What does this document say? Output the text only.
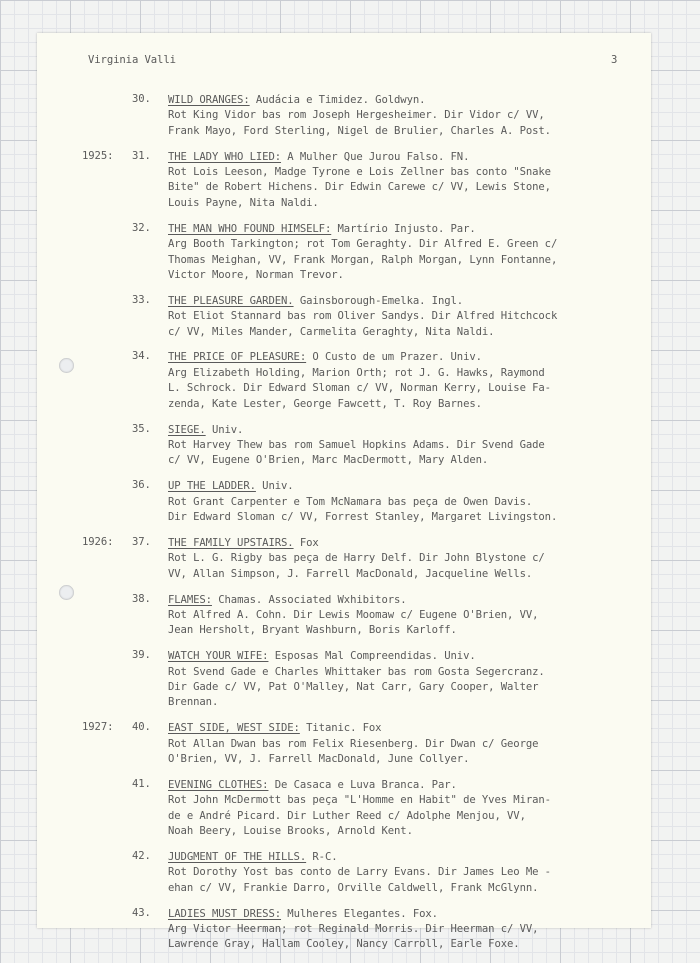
Virginia Valli	3
30. WILD ORANGES: Audácia e Timidez. Goldwyn.
Rot King Vidor bas rom Joseph Hergesheimer. Dir Vidor c/ VV,
Frank Mayo, Ford Sterling, Nigel de Brulier, Charles A. Post.
1925: 31. THE LADY WHO LIED: A Mulher Que Jurou Falso. FN.
Rot Lois Leeson, Madge Tyrone e Lois Zellner bas conto "Snake
Bite" de Robert Hichens. Dir Edwin Carewe c/ VV, Lewis Stone,
Louis Payne, Nita Naldi.
32. THE MAN WHO FOUND HIMSELF: Martírio Injusto. Par.
Arg Booth Tarkington; rot Tom Geraghty. Dir Alfred E. Green c/
Thomas Meighan, VV, Frank Morgan, Ralph Morgan, Lynn Fontanne,
Victor Moore, Norman Trevor.
33. THE PLEASURE GARDEN. Gainsborough-Emelka. Ingl.
Rot Eliot Stannard bas rom Oliver Sandys. Dir Alfred Hitchcock
c/ VV, Miles Mander, Carmelita Geraghty, Nita Naldi.
34. THE PRICE OF PLEASURE: O Custo de um Prazer. Univ.
Arg Elizabeth Holding, Marion Orth; rot J. G. Hawks, Raymond
L. Schrock. Dir Edward Sloman c/ VV, Norman Kerry, Louise Fa-
zenda, Kate Lester, George Fawcett, T. Roy Barnes.
35. SIEGE. Univ.
Rot Harvey Thew bas rom Samuel Hopkins Adams. Dir Svend Gade
c/ VV, Eugene O'Brien, Marc MacDermott, Mary Alden.
36. UP THE LADDER. Univ.
Rot Grant Carpenter e Tom McNamara bas peça de Owen Davis.
Dir Edward Sloman c/ VV, Forrest Stanley, Margaret Livingston.
1926: 37. THE FAMILY UPSTAIRS. Fox
Rot L. G. Rigby bas peça de Harry Delf. Dir John Blystone c/
VV, Allan Simpson, J. Farrell MacDonald, Jacqueline Wells.
38. FLAMES: Chamas. Associated Wxhibitors.
Rot Alfred A. Cohn. Dir Lewis Moomaw c/ Eugene O'Brien, VV,
Jean Hersholt, Bryant Washburn, Boris Karloff.
39. WATCH YOUR WIFE: Esposas Mal Compreendidas. Univ.
Rot Svend Gade e Charles Whittaker bas rom Gosta Segercranz.
Dir Gade c/ VV, Pat O'Malley, Nat Carr, Gary Cooper, Walter
Brennan.
1927: 40. EAST SIDE, WEST SIDE: Titanic. Fox
Rot Allan Dwan bas rom Felix Riesenberg. Dir Dwan c/ George
O'Brien, VV, J. Farrell MacDonald, June Collyer.
41. EVENING CLOTHES: De Casaca e Luva Branca. Par.
Rot John McDermott bas peça "L'Homme en Habit" de Yves Miran-
de e André Picard. Dir Luther Reed c/ Adolphe Menjou, VV,
Noah Beery, Louise Brooks, Arnold Kent.
42. JUDGMENT OF THE HILLS. R-C.
Rot Dorothy Yost bas conto de Larry Evans. Dir James Leo Me -
ehan c/ VV, Frankie Darro, Orville Caldwell, Frank McGlynn.
43. LADIES MUST DRESS: Mulheres Elegantes. Fox.
Arg Victor Heerman; rot Reginald Morris. Dir Heerman c/ VV,
Lawrence Gray, Hallam Cooley, Nancy Carroll, Earle Foxe.
